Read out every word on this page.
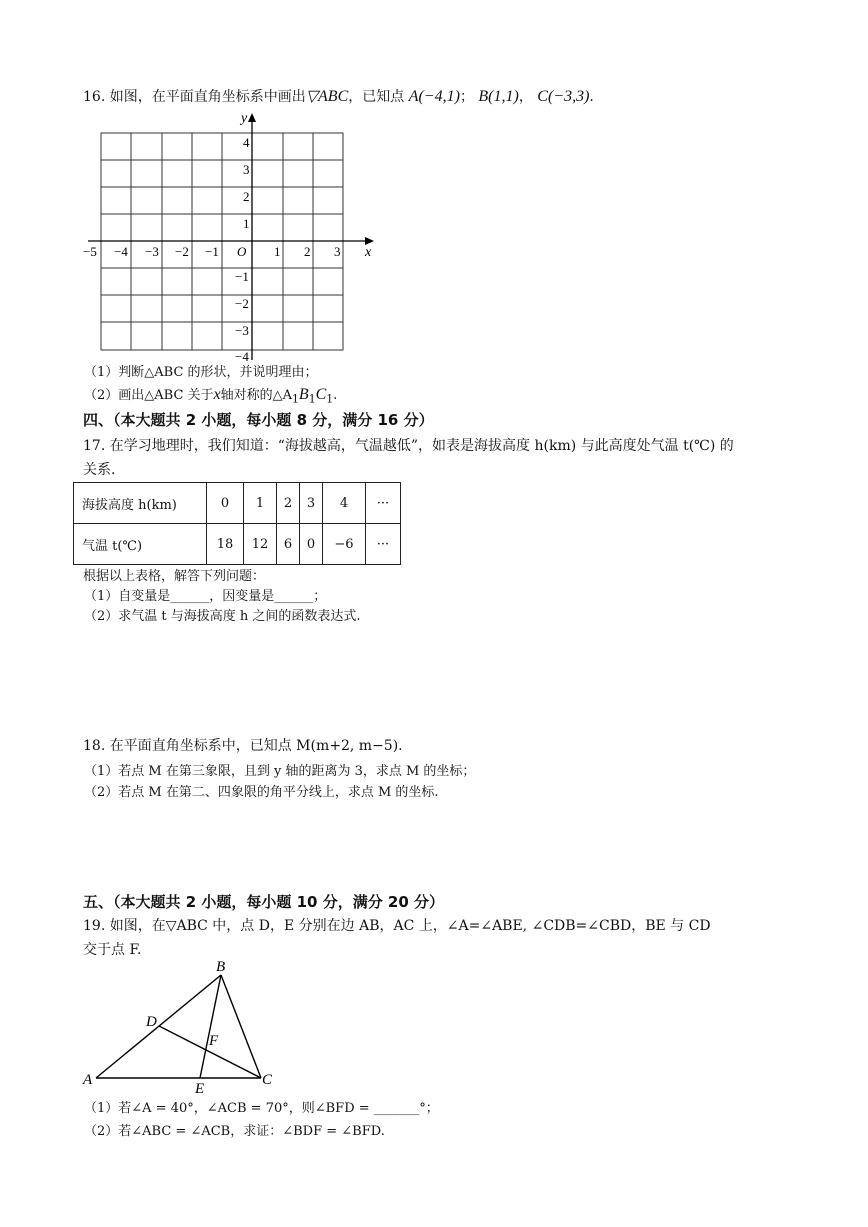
16. 如图，在平面直角坐标系中画出▽ABC，已知点 A(−4,1)； B(1,1)， C(−3,3).
y
x
O
−5 −4 −3 −2 −1	1 2 3
4
3
2
1
−1
−2
−3
−4
（1）判断△ABC 的形状，并说明理由；
（2）画出△ABC 关于x轴对称的$\triangle A_1B_1C_1$.
四、（本大题共 2 小题，每小题 8 分，满分 16 分）
17. 在学习地理时，我们知道：“海拔越高，气温越低”，如表是海拔高度 h(km) 与此高度处气温 t(℃) 的
关系.
海拔高度 h(km)	0	1	2	3	4	···
气温 t(℃)	18	12	6	0	−6	···
根据以上表格，解答下列问题：
（1）自变量是______，因变量是______；
（2）求气温 t 与海拔高度 h 之间的函数表达式.
18. 在平面直角坐标系中，已知点 M(m+2, m−5).
（1）若点 M 在第三象限，且到 y 轴的距离为 3，求点 M 的坐标；
（2）若点 M 在第二、四象限的角平分线上，求点 M 的坐标.
五、（本大题共 2 小题，每小题 10 分，满分 20 分）
19. 如图，在▽ABC 中，点 D，E 分别在边 AB，AC 上，∠A=∠ABE, ∠CDB=∠CBD，BE 与 CD
交于点 F.
A
B
C
D
E
F
（1）若∠A = 40°，∠ACB = 70°，则∠BFD = _______°；
（2）若∠ABC = ∠ACB，求证：∠BDF = ∠BFD.
